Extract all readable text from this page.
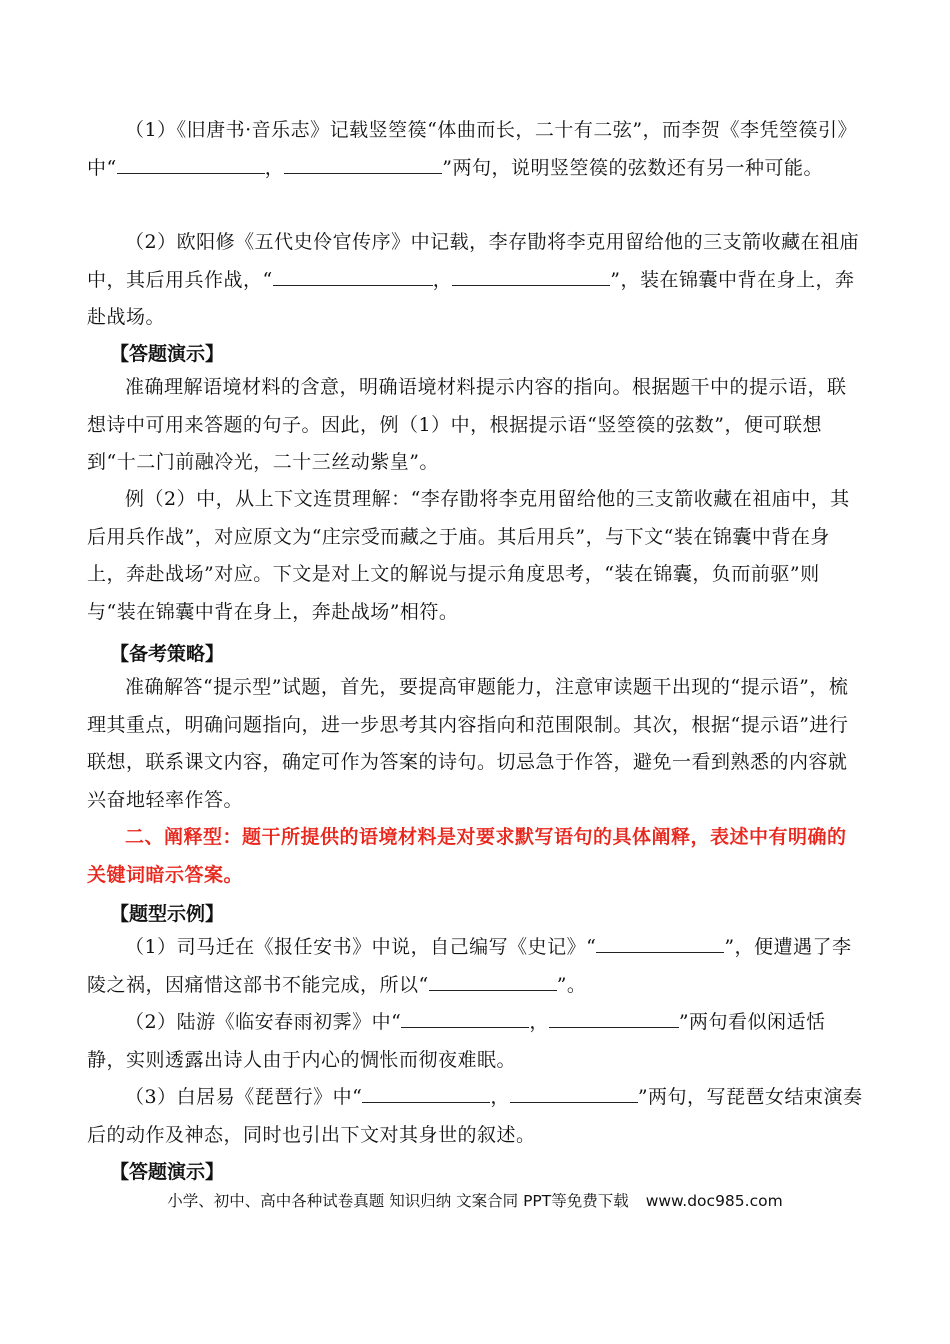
（1）《旧唐书·音乐志》记载竖箜篌“体曲而长，二十有二弦”，而李贺《李凭箜篌引》中“	，	”两句，说明竖箜篌的弦数还有另一种可能。

（2）欧阳修《五代史伶官传序》中记载，李存勖将李克用留给他的三支箭收藏在祖庙中，其后用兵作战，“	，	”，装在锦囊中背在身上，奔赴战场。

【答题演示】

准确理解语境材料的含意，明确语境材料提示内容的指向。根据题干中的提示语，联想诗中可用来答题的句子。因此，例（1）中，根据提示语“竖箜篌的弦数”，便可联想到“十二门前融冷光，二十三丝动紫皇”。

例（2）中，从上下文连贯理解：“李存勖将李克用留给他的三支箭收藏在祖庙中，其后用兵作战”，对应原文为“庄宗受而藏之于庙。其后用兵”，与下文“装在锦囊中背在身上，奔赴战场”对应。下文是对上文的解说与提示角度思考，“装在锦囊，负而前驱”则与“装在锦囊中背在身上，奔赴战场”相符。

【备考策略】

准确解答“提示型”试题，首先，要提高审题能力，注意审读题干出现的“提示语”，梳理其重点，明确问题指向，进一步思考其内容指向和范围限制。其次，根据“提示语”进行联想，联系课文内容，确定可作为答案的诗句。切忌急于作答，避免一看到熟悉的内容就兴奋地轻率作答。

二、阐释型：题干所提供的语境材料是对要求默写语句的具体阐释，表述中有明确的关键词暗示答案。

【题型示例】

（1）司马迁在《报任安书》中说，自己编写《史记》“	”，便遭遇了李陵之祸，因痛惜这部书不能完成，所以“	”。

（2）陆游《临安春雨初霁》中“	，	”两句看似闲适恬静，实则透露出诗人由于内心的惆怅而彻夜难眠。

（3）白居易《琵琶行》中“	，	”两句，写琵琶女结束演奏后的动作及神态，同时也引出下文对其身世的叙述。

【答题演示】

小学、初中、高中各种试卷真题 知识归纳 文案合同 PPT等免费下载 www.doc985.com
